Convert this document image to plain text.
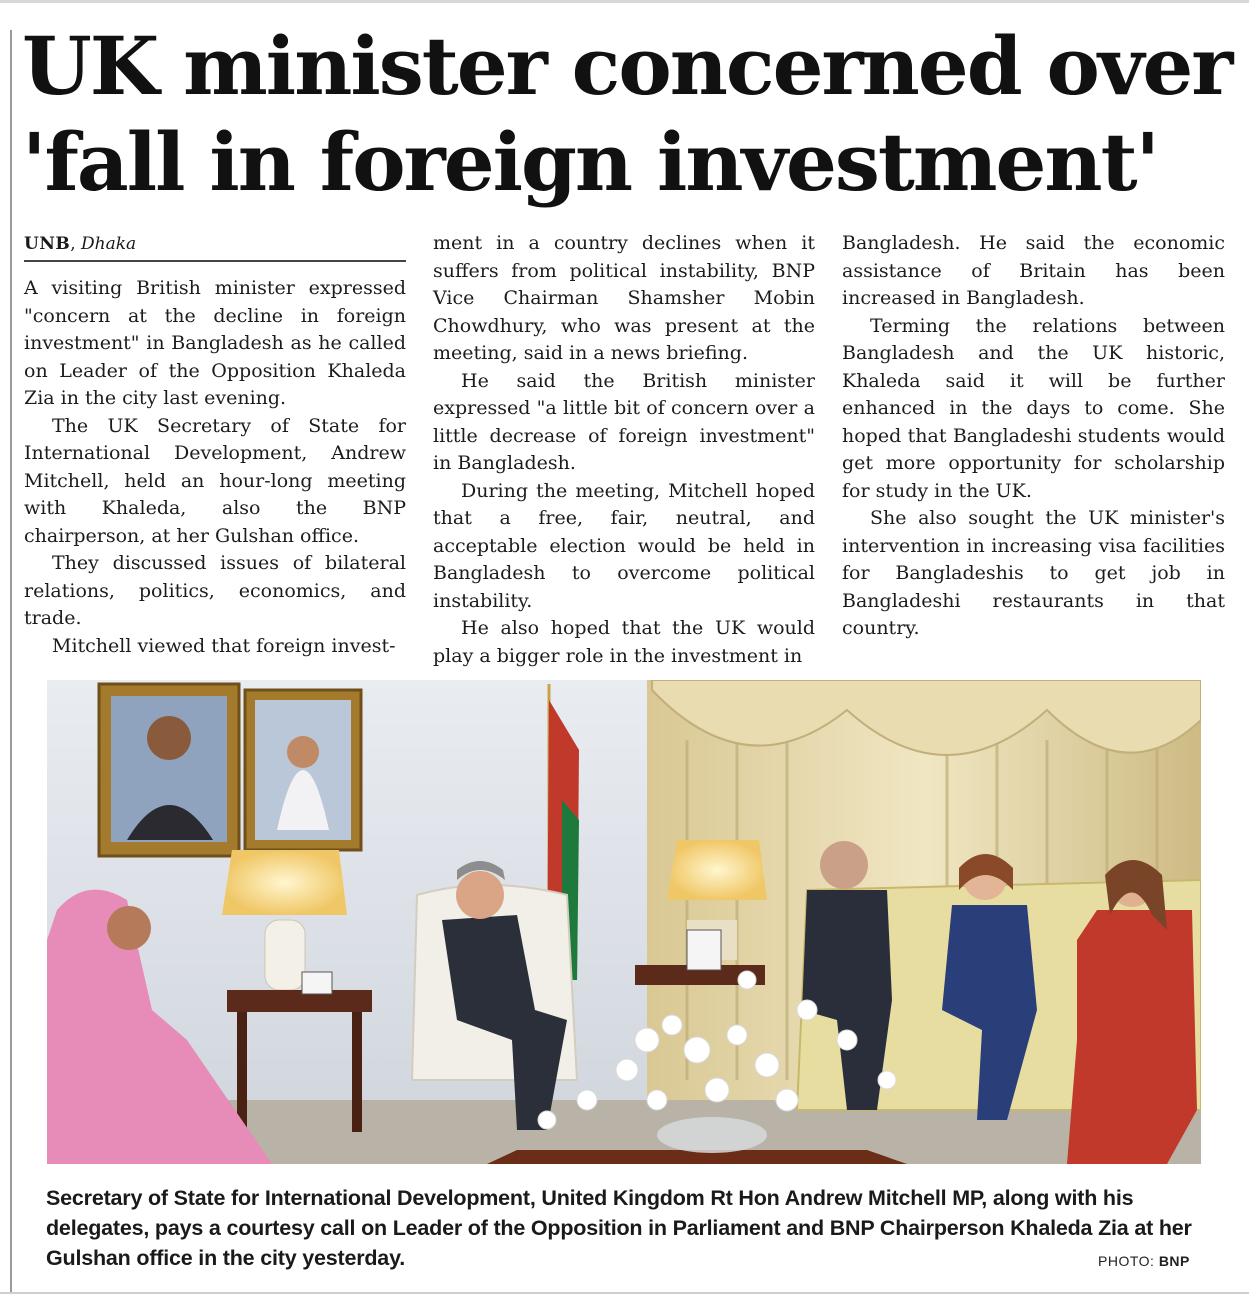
UK minister concerned over
'fall in foreign investment'
UNB, Dhaka

A visiting British minister expressed "concern at the decline in foreign investment" in Bangladesh as he called on Leader of the Opposition Khaleda Zia in the city last evening.

The UK Secretary of State for International Development, Andrew Mitchell, held an hour-long meeting with Khaleda, also the BNP chairperson, at her Gulshan office.

They discussed issues of bilateral relations, politics, economics, and trade.

Mitchell viewed that foreign invest-

ment in a country declines when it suffers from political instability, BNP Vice Chairman Shamsher Mobin Chowdhury, who was present at the meeting, said in a news briefing.

He said the British minister expressed "a little bit of concern over a little decrease of foreign investment" in Bangladesh.

During the meeting, Mitchell hoped that a free, fair, neutral, and acceptable election would be held in Bangladesh to overcome political instability.

He also hoped that the UK would play a bigger role in the investment in

Bangladesh. He said the economic assistance of Britain has been increased in Bangladesh.

Terming the relations between Bangladesh and the UK historic, Khaleda said it will be further enhanced in the days to come. She hoped that Bangladeshi students would get more opportunity for scholarship for study in the UK.

She also sought the UK minister's intervention in increasing visa facilities for Bangladeshis to get job in Bangladeshi restaurants in that country.

Secretary of State for International Development, United Kingdom Rt Hon Andrew Mitchell MP, along with his delegates, pays a courtesy call on Leader of the Opposition in Parliament and BNP Chairperson Khaleda Zia at her Gulshan office in the city yesterday.	PHOTO: BNP
